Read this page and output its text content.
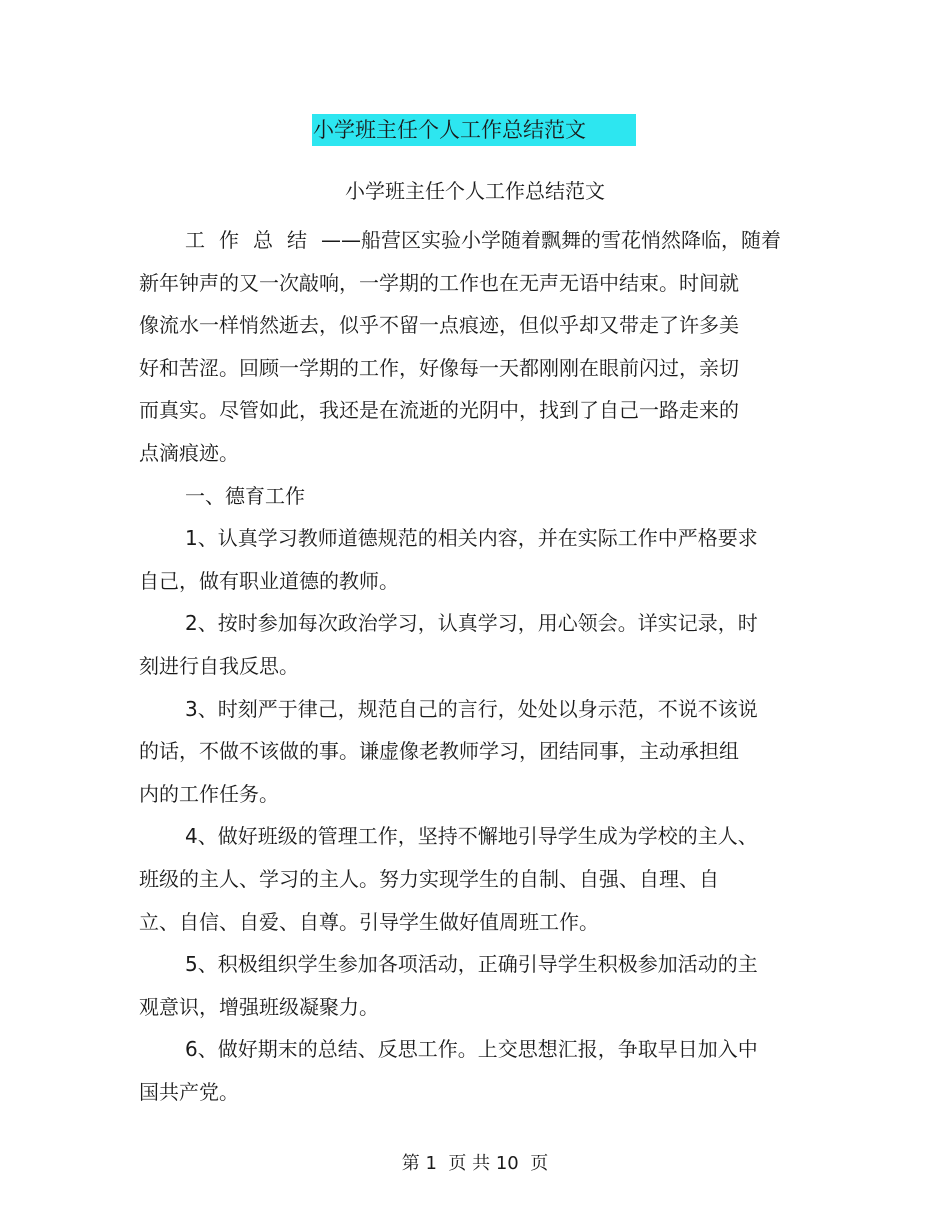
小学班主任个人工作总结范文
小学班主任个人工作总结范文

工作总结——船营区实验小学随着飘舞的雪花悄然降临，随着
新年钟声的又一次敲响，一学期的工作也在无声无语中结束。时间就
像流水一样悄然逝去，似乎不留一点痕迹，但似乎却又带走了许多美
好和苦涩。回顾一学期的工作，好像每一天都刚刚在眼前闪过，亲切
而真实。尽管如此，我还是在流逝的光阴中，找到了自己一路走来的
点滴痕迹。

一、德育工作

1、认真学习教师道德规范的相关内容，并在实际工作中严格要求
自己，做有职业道德的教师。

2、按时参加每次政治学习，认真学习，用心领会。详实记录，时
刻进行自我反思。

3、时刻严于律己，规范自己的言行，处处以身示范，不说不该说
的话，不做不该做的事。谦虚像老教师学习，团结同事，主动承担组
内的工作任务。

4、做好班级的管理工作，坚持不懈地引导学生成为学校的主人、
班级的主人、学习的主人。努力实现学生的自制、自强、自理、自
立、自信、自爱、自尊。引导学生做好值周班工作。

5、积极组织学生参加各项活动，正确引导学生积极参加活动的主
观意识，增强班级凝聚力。

6、做好期末的总结、反思工作。上交思想汇报，争取早日加入中
国共产党。

第 1  页 共 10  页
